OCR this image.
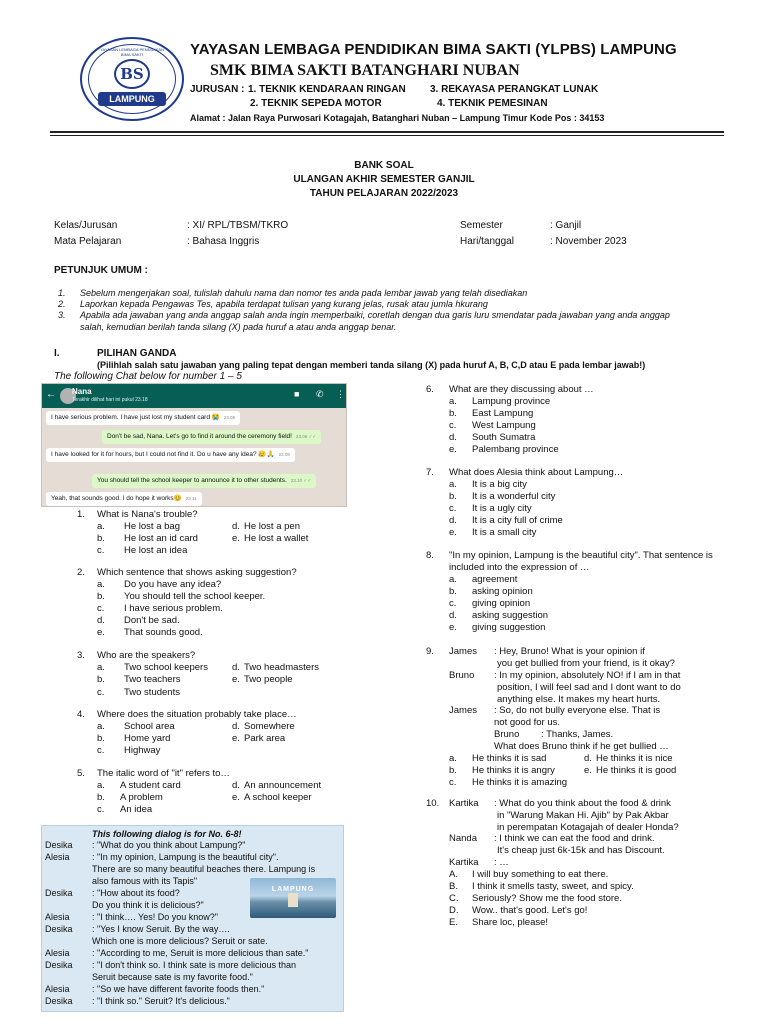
YAYASAN LEMBAGA PENDIDIKAN BIMA SAKTI
BS
LAMPUNG
YAYASAN LEMBAGA PENDIDIKAN BIMA SAKTI (YLPBS) LAMPUNG
SMK BIMA SAKTI BATANGHARI NUBAN
JURUSAN : 1. TEKNIK KENDARAAN RINGAN 3. REKAYASA PERANGKAT LUNAK
2. TEKNIK SEPEDA MOTOR	4. TEKNIK PEMESINAN
Alamat : Jalan Raya Purwosari Kotagajah, Batanghari Nuban – Lampung Timur Kode Pos : 34153
BANK SOAL
ULANGAN AKHIR SEMESTER GANJIL
TAHUN PELAJARAN 2022/2023
Kelas/Jurusan	: XI/ RPL/TBSM/TKRO	Semester	: Ganjil
Mata Pelajaran	: Bahasa Inggris	Hari/tanggal	: November 2023
PETUNJUK UMUM :
1. Sebelum mengerjakan soal, tulislah dahulu nama dan nomor tes anda pada lembar jawab yang telah disediakan
2. Laporkan kepada Pengawas Tes, apabila terdapat tulisan yang kurang jelas, rusak atau jumla hkurang
3. Apabila ada jawaban yang anda anggap salah anda ingin memperbaiki, coretlah dengan dua garis luru smendatar pada jawaban yang anda anggap
salah, kemudian berilah tanda silang (X) pada huruf a atau anda anggap benar.
I.	PILIHAN GANDA
(Pilihlah salah satu jawaban yang paling tepat dengan memberi tanda silang (X) pada huruf A, B, C,D atau E pada lembar jawab!)
The following Chat below for number 1 – 5
← Nana
Terakhir dilihat hari ini pukul 23.18
■ ✆ ⋮
I have serious problem. I have just lost my student card 😭 23.05
Don't be sad, Nana. Let's go to find it around the ceremony field! 23.06 ✓✓
I have looked for it for hours, but I could not find it. Do u have any idea? 😥🙏 23.08
You should tell the school keeper to announce it to other students. 23.10 ✓✓
Yeah, that sounds good. I do hope it works😊 23.11
1. What is Nana's trouble?
a. He lost a bag
b. He lost an id card
c. He lost an idea
d. He lost a pen
e. He lost a wallet
2. Which sentence that shows asking suggestion?
a. Do you have any idea?
b. You should tell the school keeper.
c. I have serious problem.
d. Don't be sad.
e. That sounds good.
3. Who are the speakers?
a. Two school keepers
b. Two teachers
c. Two students
d. Two headmasters
e. Two people
4. Where does the situation probably take place…
a. School area
b. Home yard
c. Highway
d. Somewhere
e. Park area
5. The italic word of "it" refers to…
a. A student card
b. A problem
c. An idea
d. An announcement
e. A school keeper
This following dialog is for No. 6-8!
LAMPUNG
Desika : "What do you think about Lampung?"
Alesia : "In my opinion, Lampung is the beautiful city".
There are so many beautiful beaches there. Lampung is
also famous with its Tapis"
Desika : "How about its food?
Do you think it is delicious?"
Alesia : "I think…. Yes! Do you know?"
Desika : "Yes I know Seruit. By the way….
Which one is more delicious? Seruit or sate.
Alesia : "According to me, Seruit is more delicious than sate."
Desika : "I don't think so. I think sate is more delicious than
Seruit because sate is my favorite food."
Alesia : "So we have different favorite foods then."
Desika : "I think so." Seruit? It's delicious."
6. What are they discussing about …
a. Lampung province
b. East Lampung
c. West Lampung
d. South Sumatra
e. Palembang province
7. What does Alesia think about Lampung…
a. It is a big city
b. It is a wonderful city
c. It is a ugly city
d. It is a city full of crime
e. It is a small city
8. "In my opinion, Lampung is the beautiful city". That sentence is
included into the expression of …
a. agreement
b. asking opinion
c. giving opinion
d. asking suggestion
e. giving suggestion
9. James : Hey, Bruno! What is your opinion if
you get bullied from your friend, is it okay?
Bruno : In my opinion, absolutely NO! if I am in that
position, I will feel sad and I dont want to do
anything else. It makes my heart hurts.
James : So, do not bully everyone else. That is
not good for us.
Bruno : Thanks, James.
What does Bruno think if he get bullied …
a. He thinks it is sad
b. He thinks it is angry
c. He thinks it is amazing
d. He thinks it is nice
e. He thinks it is good
10. Kartika : What do you think about the food & drink
in "Warung Makan Hi. Ajib" by Pak Akbar
in perempatan Kotagajah of dealer Honda?
Nanda : I think we can eat the food and drink.
It's cheap just 6k-15k and has Discount.
Kartika : …
A. I will buy something to eat there.
B. I think it smells tasty, sweet, and spicy.
C. Seriously? Show me the food store.
D. Wow.. that's good. Let's go!
E. Share loc, please!
